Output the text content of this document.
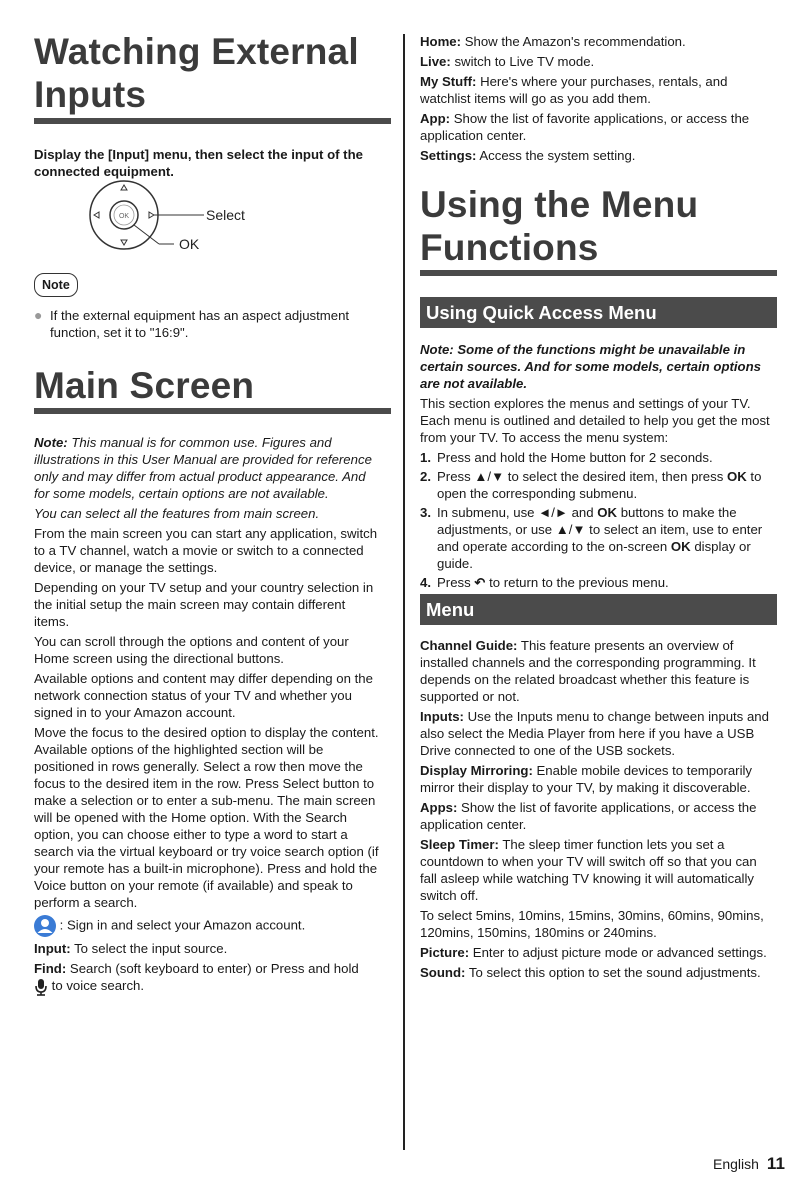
Watching External Inputs
Display the [Input] menu, then select the input of the connected equipment.
OK	Select
OK
Note
● If the external equipment has an aspect adjustment function, set it to "16:9".
Main Screen

Note: This manual is for common use. Figures and illustrations in this User Manual are provided for reference only and may differ from actual product appearance. And for some models, certain options are not available.

You can select all the features from main screen.

From the main screen you can start any application, switch to a TV channel, watch a movie or switch to a connected device, or manage the settings.

Depending on your TV setup and your country selection in the initial setup the main screen may contain different items.

You can scroll through the options and content of your Home screen using the directional buttons.

Available options and content may differ depending on the network connection status of your TV and whether you signed in to your Amazon account.

Move the focus to the desired option to display the content. Available options of the highlighted section will be positioned in rows generally. Select a row then move the focus to the desired item in the row. Press Select button to make a selection or to enter a sub-menu. The main screen will be opened with the Home option. With the Search option, you can choose either to type a word to start a search via the virtual keyboard or try voice search option (if your remote has a built-in microphone). Press and hold the Voice button on your remote (if available) and speak to perform a search.

: Sign in and select your Amazon account.

Input: To select the input source.

Find: Search (soft keyboard to enter) or Press and hold
to voice search.

Home: Show the Amazon's recommendation.

Live: switch to Live TV mode.

My Stuff: Here's where your purchases, rentals, and watchlist items will go as you add them.

App: Show the list of favorite applications, or access the application center.

Settings: Access the system setting.

Using the Menu Functions
Using Quick Access Menu

Note: Some of the functions might be unavailable in certain sources. And for some models, certain options are not available.

This section explores the menus and settings of your TV. Each menu is outlined and detailed to help you get the most from your TV. To access the menu system:

1. Press and hold the Home button for 2 seconds.
2. Press ▲/▼ to select the desired item, then press OK to open the corresponding submenu.
3. In submenu, use ◄/► and OK buttons to make the adjustments, or use ▲/▼ to select an item, use to enter and operate according to the on-screen OK display or guide.
4. Press ↶ to return to the previous menu.
Menu

Channel Guide: This feature presents an overview of installed channels and the corresponding programming. It depends on the related broadcast whether this feature is supported or not.

Inputs: Use the Inputs menu to change between inputs and also select the Media Player from here if you have a USB Drive connected to one of the USB sockets.

Display Mirroring: Enable mobile devices to temporarily mirror their display to your TV, by making it discoverable.

Apps: Show the list of favorite applications, or access the application center.

Sleep Timer: The sleep timer function lets you set a countdown to when your TV will switch off so that you can fall asleep while watching TV knowing it will automatically switch off.

To select 5mins, 10mins, 15mins, 30mins, 60mins, 90mins, 120mins, 150mins, 180mins or 240mins.

Picture: Enter to adjust picture mode or advanced settings.

Sound: To select this option to set the sound adjustments.

English 11
